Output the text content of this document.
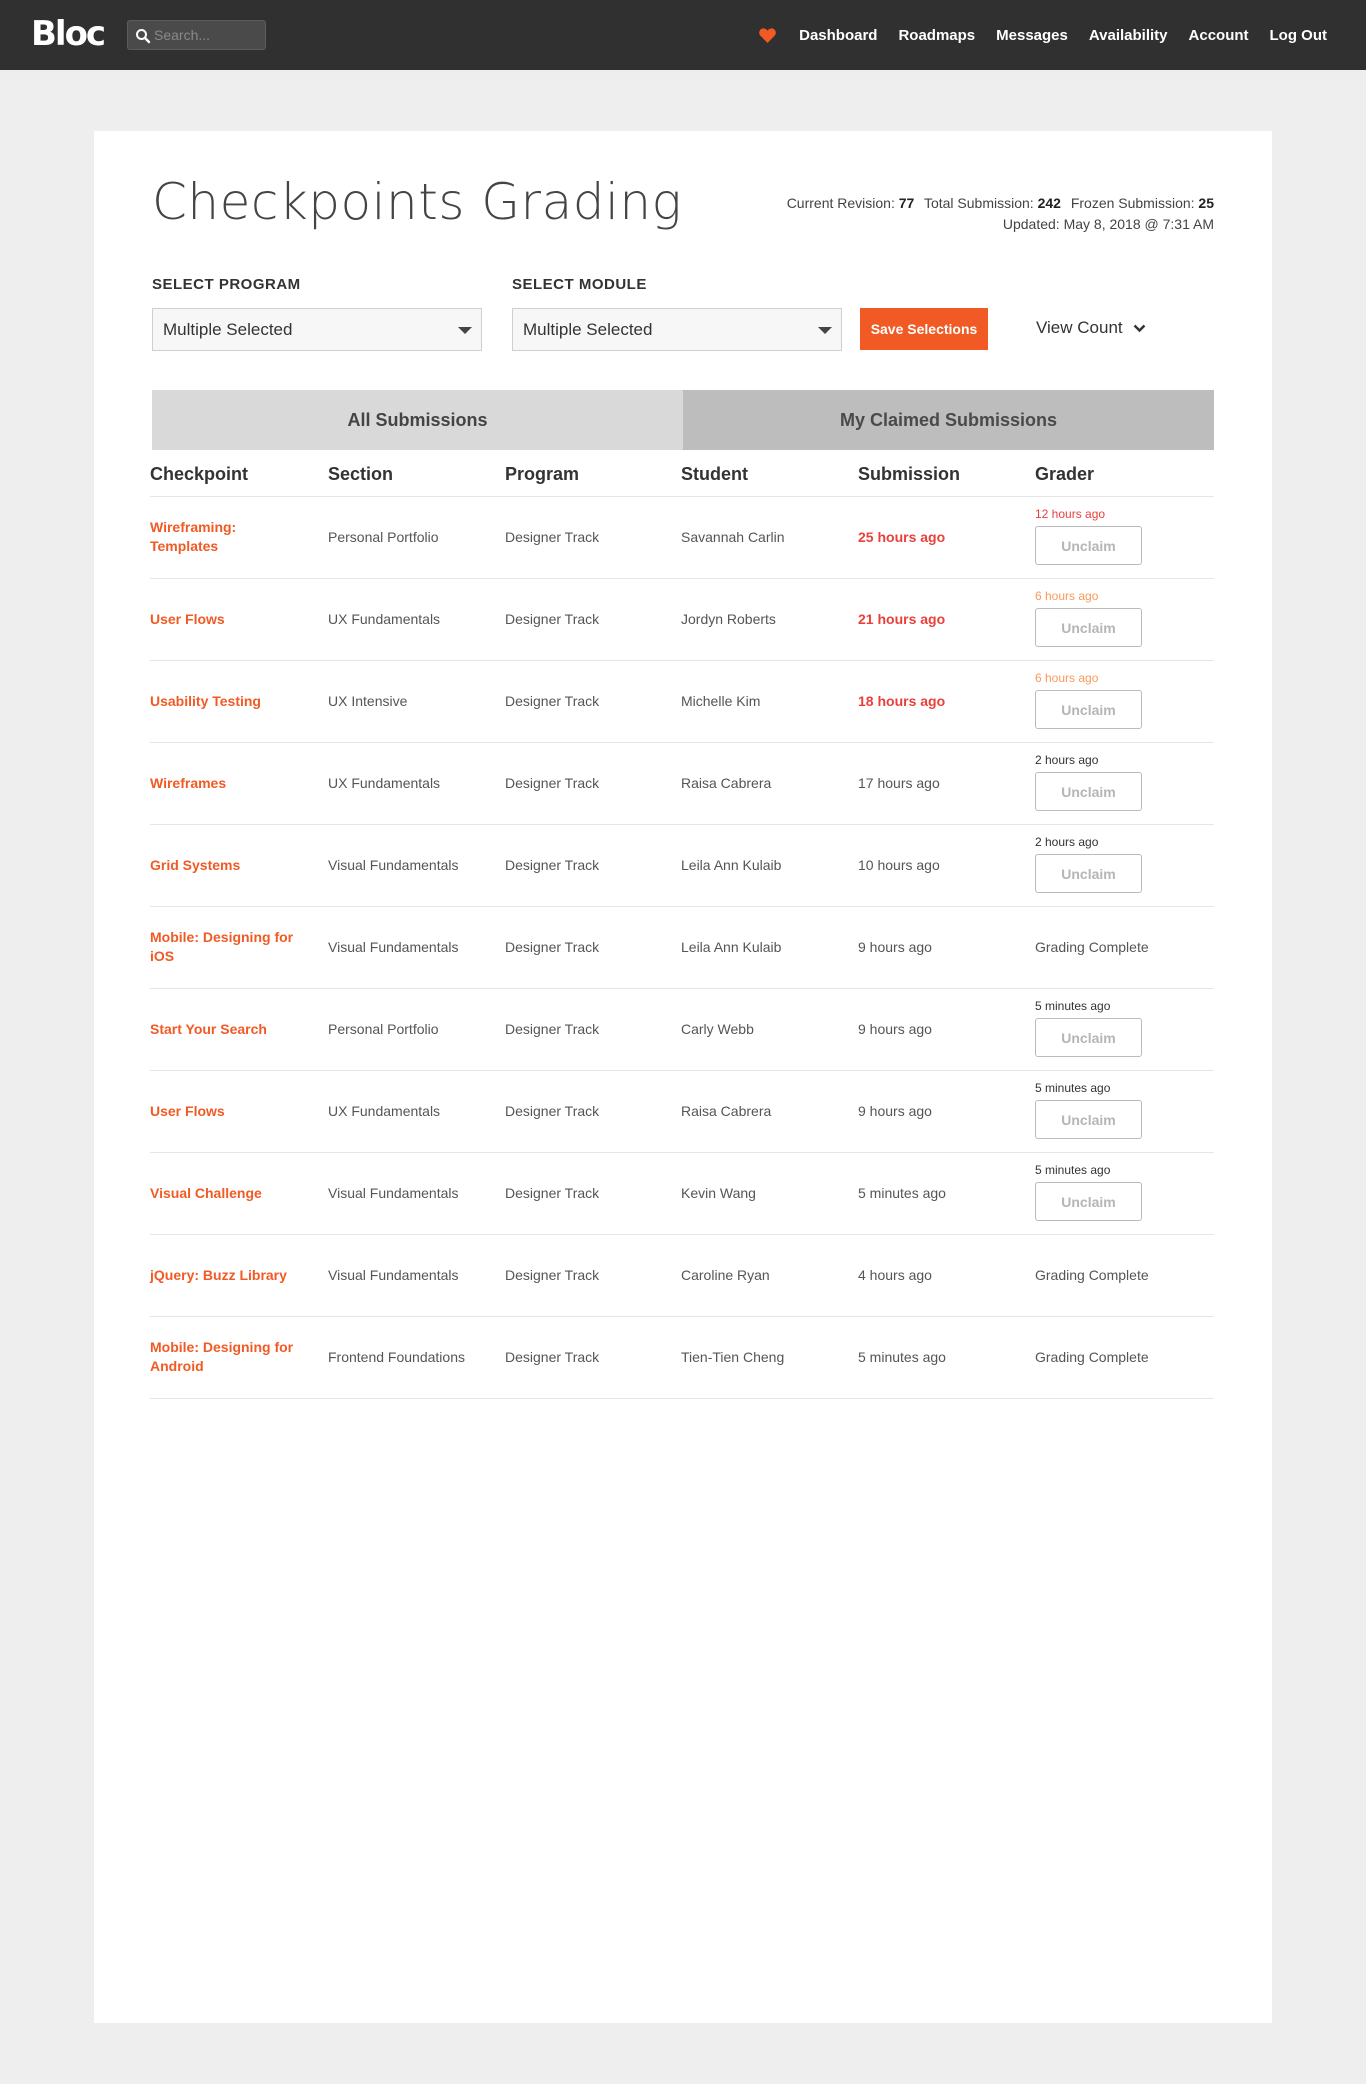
Bloc
Search...	Dashboard Roadmaps Messages Availability Account Log Out
Checkpoints Grading	Current Revision: 77 Total Submission: 242 Frozen Submission: 25
Updated: May 8, 2018 @ 7:31 AM
SELECT PROGRAM
Multiple Selected
SELECT MODULE
Multiple Selected	Save Selections	View Count
All Submissions	My Claimed Submissions
Checkpoint	Section	Program	Student	Submission	Grader
Wireframing: Templates	Personal Portfolio	Designer Track	Savannah Carlin	25 hours ago	12 hours ago
Unclaim
User Flows	UX Fundamentals	Designer Track	Jordyn Roberts	21 hours ago	6 hours ago
Unclaim
Usability Testing	UX Intensive	Designer Track	Michelle Kim	18 hours ago	6 hours ago
Unclaim
Wireframes	UX Fundamentals	Designer Track	Raisa Cabrera	17 hours ago	2 hours ago
Unclaim
Grid Systems	Visual Fundamentals	Designer Track	Leila Ann Kulaib	10 hours ago	2 hours ago
Unclaim
Mobile: Designing for iOS	Visual Fundamentals	Designer Track	Leila Ann Kulaib	9 hours ago	Grading Complete
Start Your Search	Personal Portfolio	Designer Track	Carly Webb	9 hours ago	5 minutes ago
Unclaim
User Flows	UX Fundamentals	Designer Track	Raisa Cabrera	9 hours ago	5 minutes ago
Unclaim
Visual Challenge	Visual Fundamentals	Designer Track	Kevin Wang	5 minutes ago	5 minutes ago
Unclaim
jQuery: Buzz Library	Visual Fundamentals	Designer Track	Caroline Ryan	4 hours ago	Grading Complete
Mobile: Designing for Android	Frontend Foundations	Designer Track	Tien-Tien Cheng	5 minutes ago	Grading Complete
